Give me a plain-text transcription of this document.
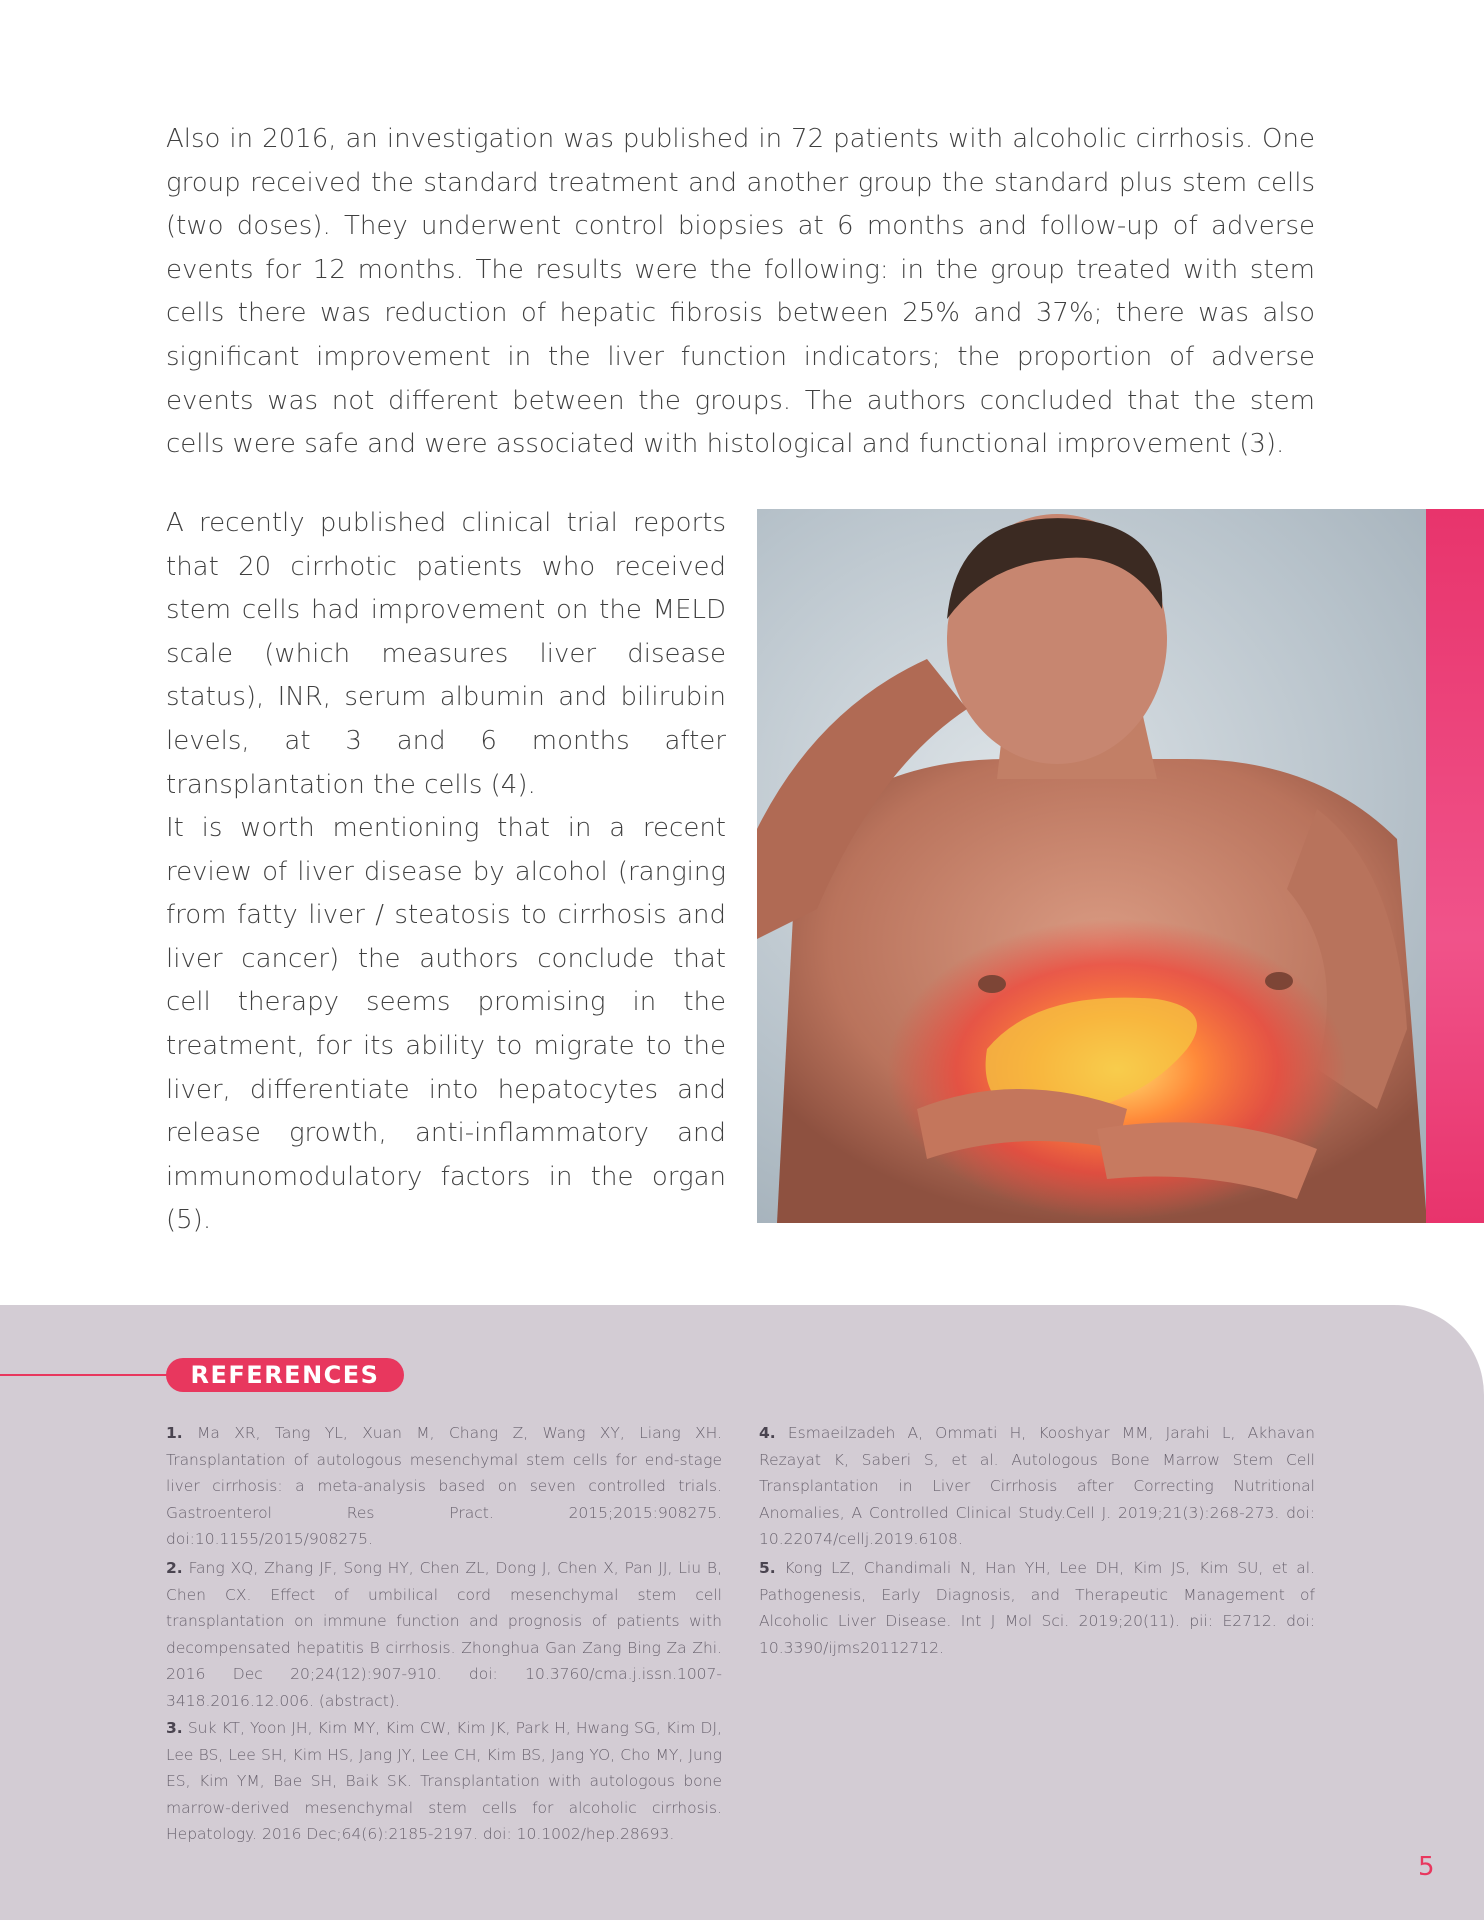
Also in 2016, an investigation was published in 72 patients with alcoholic cirrhosis. One group received the standard treatment and another group the standard plus stem cells (two doses). They underwent control biopsies at 6 months and follow-up of adverse events for 12 months. The results were the following: in the group treated with stem cells there was reduction of hepatic fibrosis between 25% and 37%; there was also significant improvement in the liver function indicators; the proportion of adverse events was not different between the groups. The authors concluded that the stem cells were safe and were associated with histological and functional improvement (3).

A recently published clinical trial reports that 20 cirrhotic patients who received stem cells had improvement on the MELD scale (which measures liver disease status), INR, serum albumin and bilirubin levels, at 3 and 6 months after transplantation the cells (4).

It is worth mentioning that in a recent review of liver disease by alcohol (ranging from fatty liver / steatosis to cirrhosis and liver cancer) the authors conclude that cell therapy seems promising in the treatment, for its ability to migrate to the liver, differentiate into hepatocytes and release growth, anti-inflammatory and immunomodulatory factors in the organ (5).

REFERENCES

1. Ma XR, Tang YL, Xuan M, Chang Z, Wang XY, Liang XH. Transplantation of autologous mesenchymal stem cells for end-stage liver cirrhosis: a meta-analysis based on seven controlled trials. Gastroenterol Res Pract. 2015;2015:908275. doi:10.1155/2015/908275.

2. Fang XQ, Zhang JF, Song HY, Chen ZL, Dong J, Chen X, Pan JJ, Liu B, Chen CX. Effect of umbilical cord mesenchymal stem cell transplantation on immune function and prognosis of patients with decompensated hepatitis B cirrhosis. Zhonghua Gan Zang Bing Za Zhi. 2016 Dec 20;24(12):907-910. doi: 10.3760/cma.j.issn.1007-3418.2016.12.006. (abstract).

3. Suk KT, Yoon JH, Kim MY, Kim CW, Kim JK, Park H, Hwang SG, Kim DJ, Lee BS, Lee SH, Kim HS, Jang JY, Lee CH, Kim BS, Jang YO, Cho MY, Jung ES, Kim YM, Bae SH, Baik SK. Transplantation with autologous bone marrow-derived mesenchymal stem cells for alcoholic cirrhosis. Hepatology. 2016 Dec;64(6):2185-2197. doi: 10.1002/hep.28693.

4. Esmaeilzadeh A, Ommati H, Kooshyar MM, Jarahi L, Akhavan Rezayat K, Saberi S, et al. Autologous Bone Marrow Stem Cell Transplantation in Liver Cirrhosis after Correcting Nutritional Anomalies, A Controlled Clinical Study.Cell J. 2019;21(3):268-273. doi: 10.22074/cellj.2019.6108.

5. Kong LZ, Chandimali N, Han YH, Lee DH, Kim JS, Kim SU, et al. Pathogenesis, Early Diagnosis, and Therapeutic Management of Alcoholic Liver Disease. Int J Mol Sci. 2019;20(11). pii: E2712. doi: 10.3390/ijms20112712.

5
